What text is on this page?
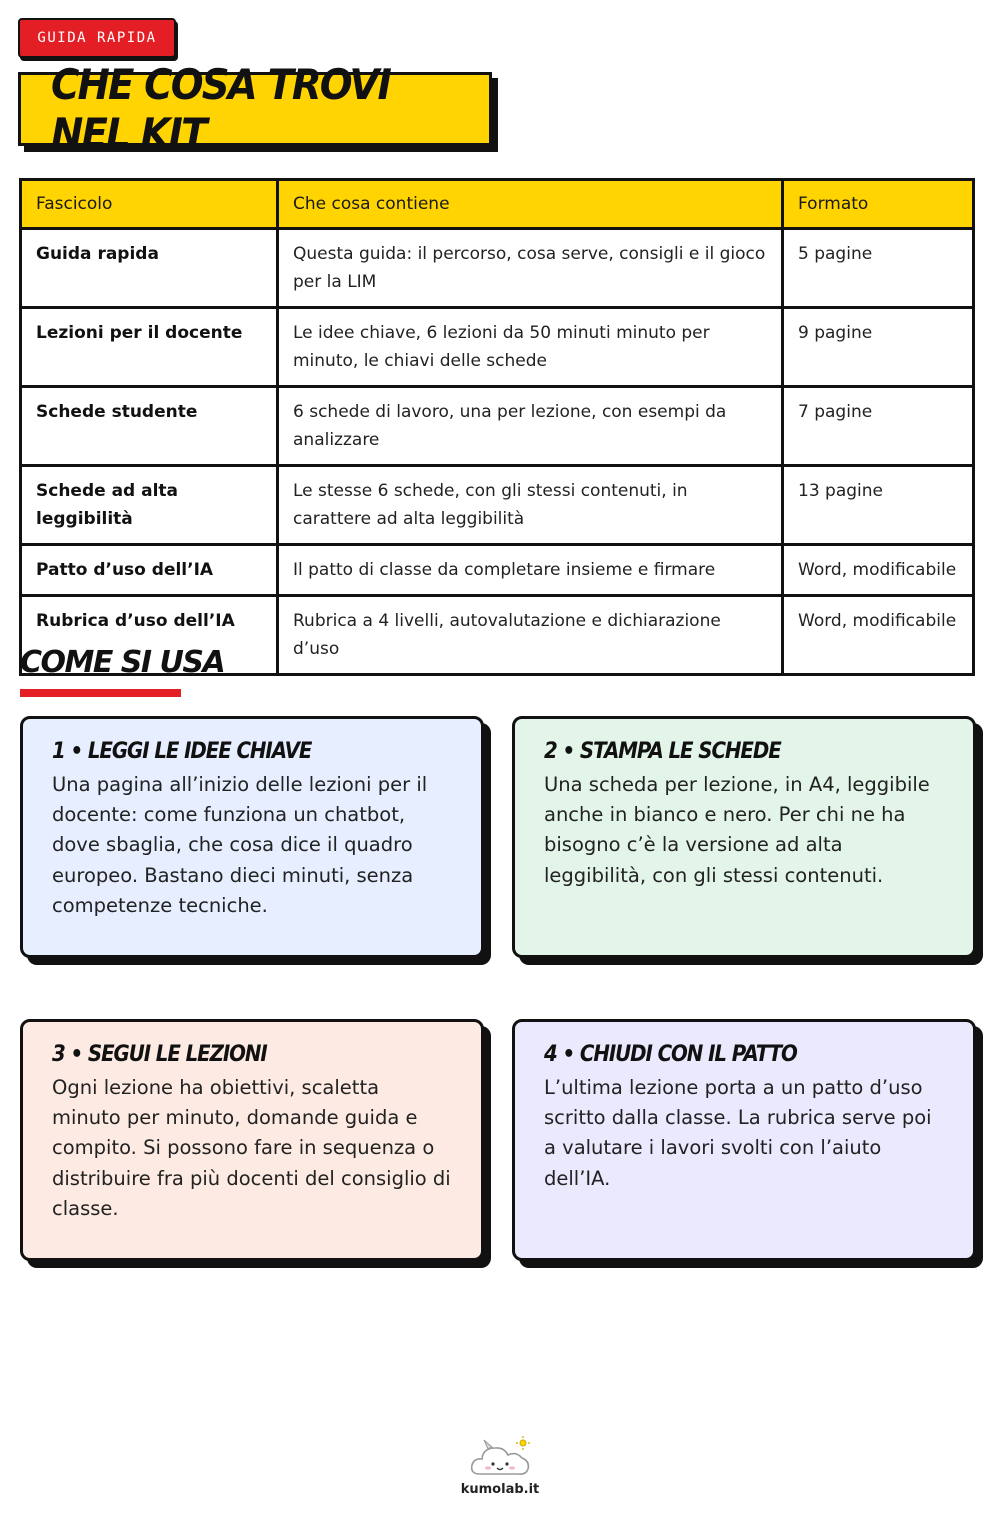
GUIDA RAPIDA
CHE COSA TROVI NEL KIT
Fascicolo	Che cosa contiene	Formato
Guida rapida	Questa guida: il percorso, cosa serve, consigli e il gioco per la LIM	5 pagine
Lezioni per il docente	Le idee chiave, 6 lezioni da 50 minuti minuto per minuto, le chiavi delle schede	9 pagine
Schede studente	6 schede di lavoro, una per lezione, con esempi da analizzare	7 pagine
Schede ad alta leggibilità	Le stesse 6 schede, con gli stessi contenuti, in carattere ad alta leggibilità	13 pagine
Patto d’uso dell’IA	Il patto di classe da completare insieme e firmare	Word, modificabile
Rubrica d’uso dell’IA	Rubrica a 4 livelli, autovalutazione e dichiarazione d’uso	Word, modificabile
COME SI USA
1 • LEGGI LE IDEE CHIAVE

Una pagina all’inizio delle lezioni per il docente: come funziona un chatbot, dove sbaglia, che cosa dice il quadro europeo. Bastano dieci minuti, senza competenze tecniche.

2 • STAMPA LE SCHEDE

Una scheda per lezione, in A4, leggibile anche in bianco e nero. Per chi ne ha bisogno c’è la versione ad alta leggibilità, con gli stessi contenuti.

3 • SEGUI LE LEZIONI

Ogni lezione ha obiettivi, scaletta minuto per minuto, domande guida e compito. Si possono fare in sequenza o distribuire fra più docenti del consiglio di classe.

4 • CHIUDI CON IL PATTO

L’ultima lezione porta a un patto d’uso scritto dalla classe. La rubrica serve poi a valutare i lavori svolti con l’aiuto dell’IA.

kumolab.it
